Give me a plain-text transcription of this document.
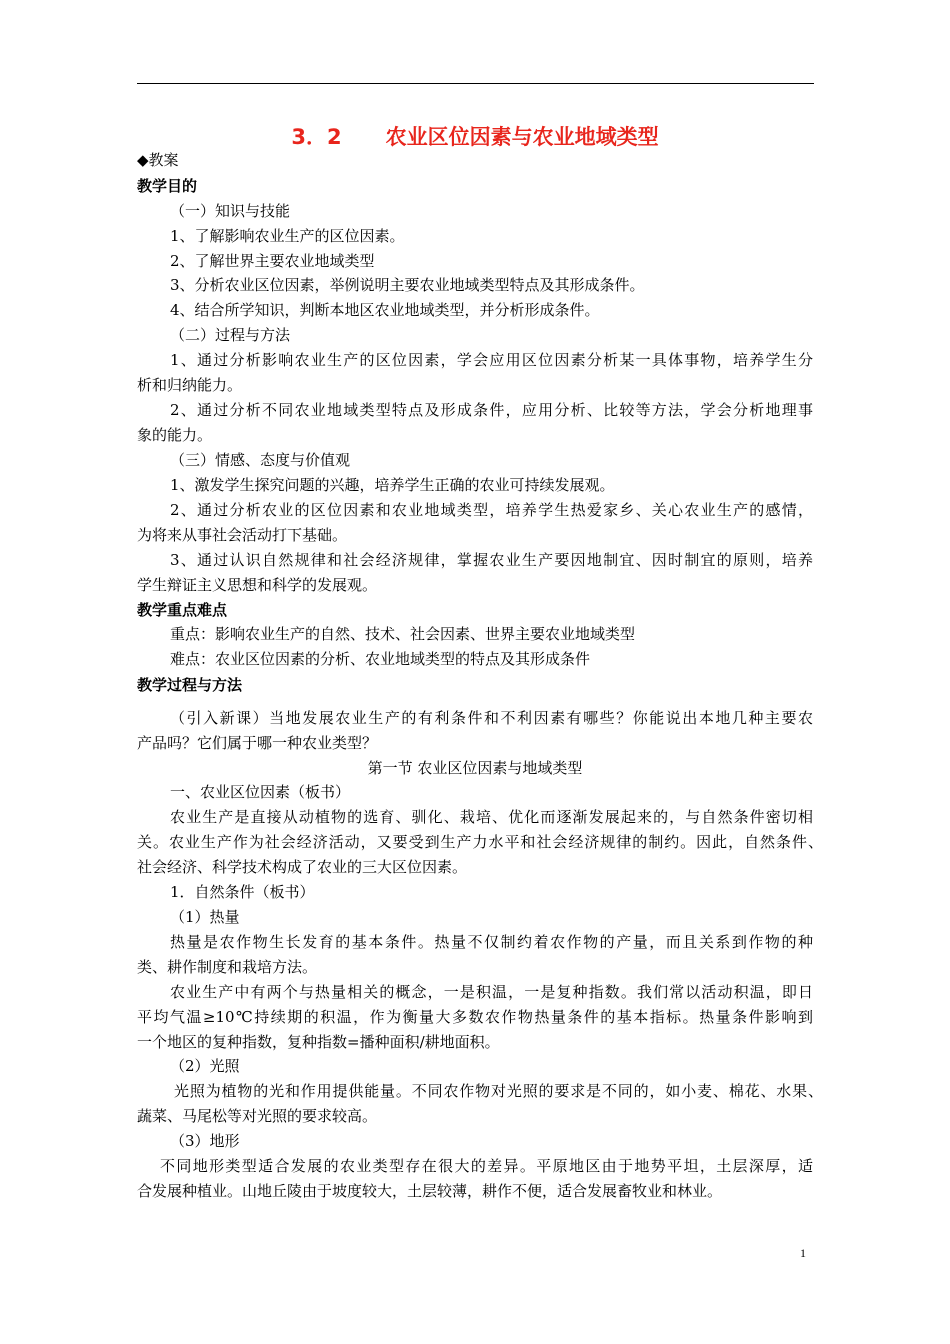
3．2 农业区位因素与农业地域类型
◆教案
教学目的
（一）知识与技能
1、了解影响农业生产的区位因素。
2、了解世界主要农业地域类型
3、分析农业区位因素，举例说明主要农业地域类型特点及其形成条件。
4、结合所学知识，判断本地区农业地域类型，并分析形成条件。
（二）过程与方法
1、通过分析影响农业生产的区位因素，学会应用区位因素分析某一具体事物，培养学生分
析和归纳能力。
2、通过分析不同农业地域类型特点及形成条件，应用分析、比较等方法，学会分析地理事
象的能力。
（三）情感、态度与价值观
1、激发学生探究问题的兴趣，培养学生正确的农业可持续发展观。
2、通过分析农业的区位因素和农业地域类型，培养学生热爱家乡、关心农业生产的感情，
为将来从事社会活动打下基础。
3、通过认识自然规律和社会经济规律，掌握农业生产要因地制宜、因时制宜的原则，培养
学生辩证主义思想和科学的发展观。
教学重点难点
重点：影响农业生产的自然、技术、社会因素、世界主要农业地域类型
难点：农业区位因素的分析、农业地域类型的特点及其形成条件
教学过程与方法
（引入新课）当地发展农业生产的有利条件和不利因素有哪些？你能说出本地几种主要农
产品吗？它们属于哪一种农业类型？
第一节 农业区位因素与地域类型
一、农业区位因素（板书）
农业生产是直接从动植物的选育、驯化、栽培、优化而逐渐发展起来的，与自然条件密切相
关。农业生产作为社会经济活动，又要受到生产力水平和社会经济规律的制约。因此，自然条件、
社会经济、科学技术构成了农业的三大区位因素。
1．自然条件（板书）
（1）热量
热量是农作物生长发育的基本条件。热量不仅制约着农作物的产量，而且关系到作物的种
类、耕作制度和栽培方法。
农业生产中有两个与热量相关的概念，一是积温，一是复种指数。我们常以活动积温，即日
平均气温≥10℃持续期的积温，作为衡量大多数农作物热量条件的基本指标。热量条件影响到
一个地区的复种指数，复种指数=播种面积/耕地面积。
（2）光照
光照为植物的光和作用提供能量。不同农作物对光照的要求是不同的，如小麦、棉花、水果、
蔬菜、马尾松等对光照的要求较高。
（3）地形
不同地形类型适合发展的农业类型存在很大的差异。平原地区由于地势平坦，土层深厚，适
合发展种植业。山地丘陵由于坡度较大，土层较薄，耕作不便，适合发展畜牧业和林业。
1
